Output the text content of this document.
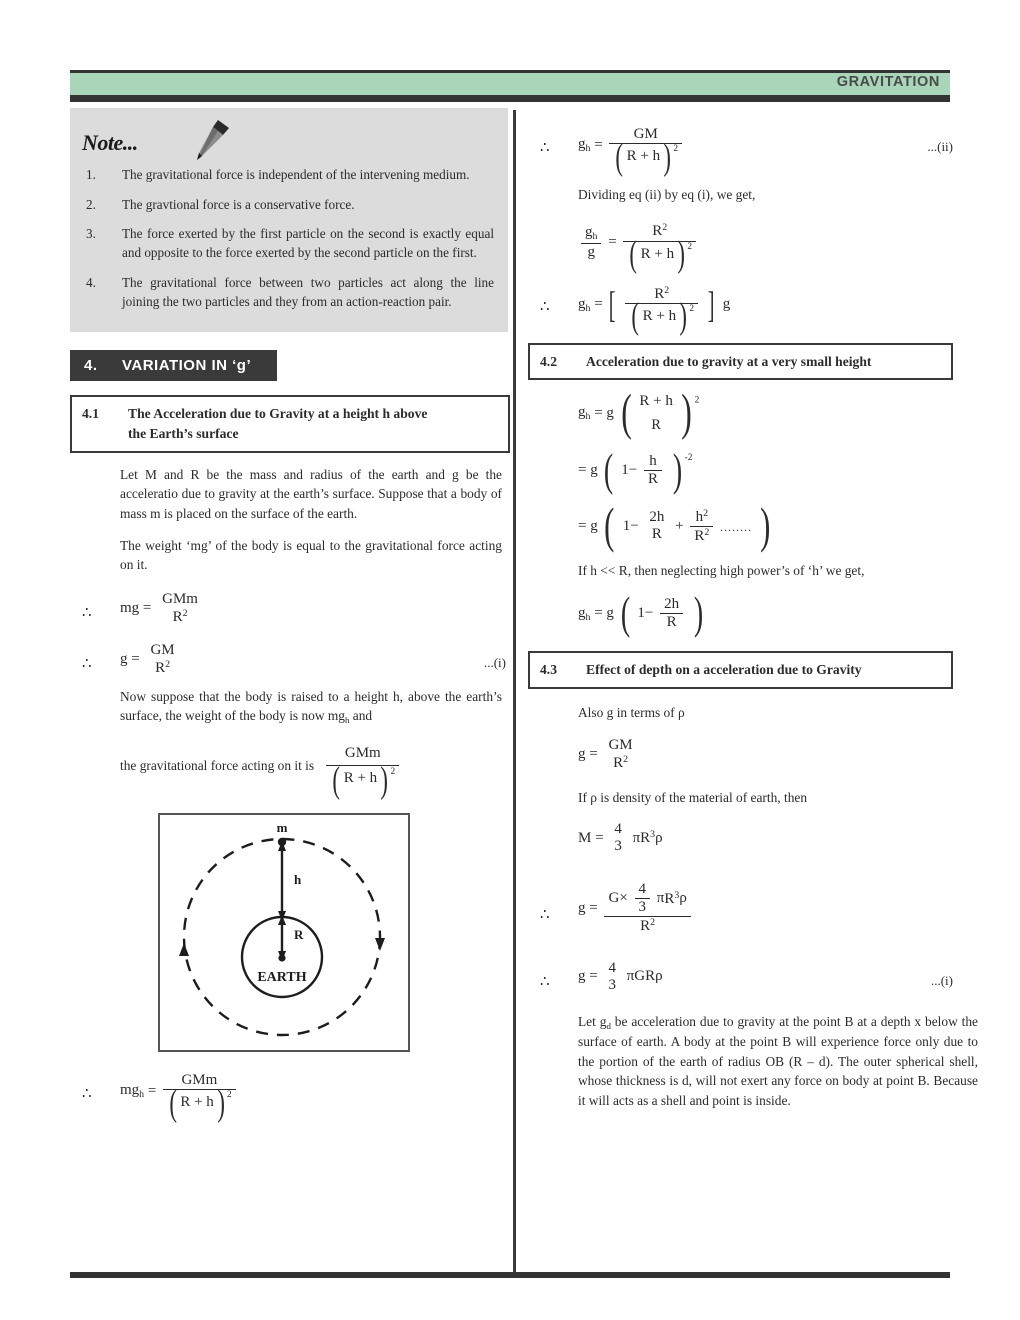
GRAVITATION
Note...
1. The gravitational force is independent of the intervening medium.
2. The gravtional force is a conservative force.
3. The force exerted by the first particle on the second is exactly equal and opposite to the force exerted by the second particle on the first.
4. The gravitational force between two particles act along the line joining the two particles and they from an action-reaction pair.
4. VARIATION IN ‘g’
4.1	The Acceleration due to Gravity at a height h above
the Earth’s surface
Let M and R be the mass and radius of the earth and g be the acceleratio due to gravity at the earth’s surface. Suppose that a body of mass m is placed on the surface of the earth.
The weight ‘mg’ of the body is equal to the gravitational force acting on it.
∴ mg =
GMm
$R^2$
∴ g =
GM
$R^2$	...(i)
Now suppose that the body is raised to a height h, above the earth’s surface, the weight of the body is now $mg_h$ and
the gravitational force acting on it is $\frac{\text{GMm}}{( R + h) ^2}$
m
h
R
EARTH
∴ $mg_h = \frac{\text{GMm}}{( R + h) ^2}$
∴ $g_h = \frac{GM}{( R + h) ^2}$	...(ii)
Dividing eq (ii) by eq (i), we get,
$\frac{g_h}{g} = \frac{R^2}{( R + h) ^2}$
∴ $g_h$ = [ $\frac{R^2}{( R + h) ^2}$ ] g
4.2	Acceleration due to gravity at a very small height
$g_h = g$ ( R + h
R ) $^2$
= g ( $1- \frac{h}{R}$ ) $^{-2}$
= g ( 1−
2h
R
+ $\frac{h^2}{R^2}$ ........ )
If h << R, then neglecting high power’s of ‘h’ we get,
$g_h = g$ ( $1- \frac{2h}{R}$ )
4.3	Effect of depth on a acceleration due to Gravity
Also g in terms of ρ
g =
GM
$R^2$
If ρ is density of the material of earth, then
M =
4
3
$\pi R^3\rho$
∴ g =
$G\times \frac{4}{3} \pi R^3\rho$
$R^2$
∴ g =
4
3
πGRρ	...(i)
Let $g_d$ be acceleration due to gravity at the point B at a depth x below the surface of earth. A body at the point B will experience force only due to the portion of the earth of radius OB (R – d). The outer spherical shell, whose thickness is d, will not exert any force on body at point B. Because it will acts as a shell and point is inside.
